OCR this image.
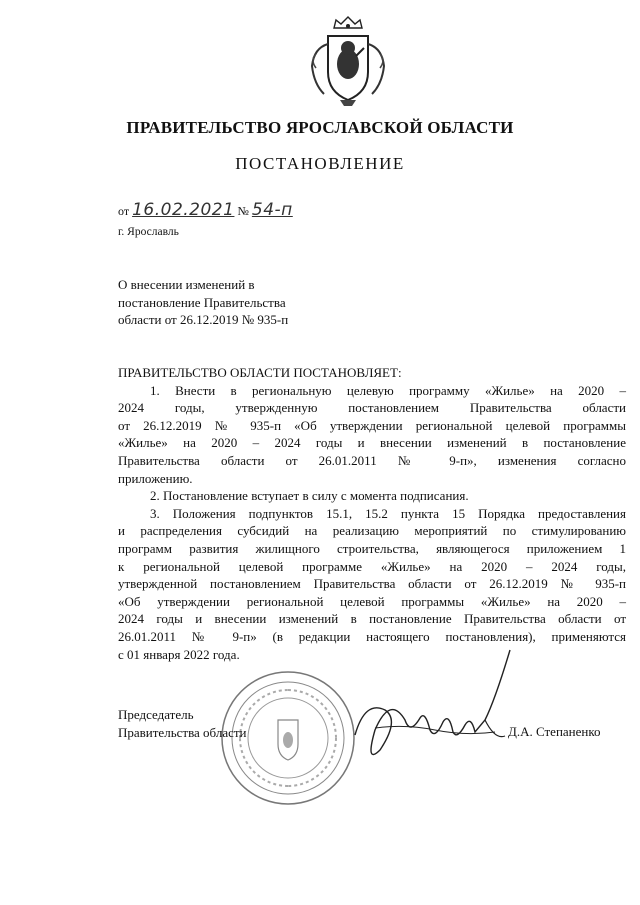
ПРАВИТЕЛЬСТВО ЯРОСЛАВСКОЙ ОБЛАСТИ
ПОСТАНОВЛЕНИЕ
от 16.02.2021 № 54-п
г. Ярославль
О внесении изменений в
постановление Правительства
области от 26.12.2019 № 935-п
ПРАВИТЕЛЬСТВО ОБЛАСТИ ПОСТАНОВЛЯЕТ:
1. Внести в региональную целевую программу «Жилье» на 2020 –
2024 годы, утвержденную постановлением Правительства области
от 26.12.2019 № 935-п «Об утверждении региональной целевой программы
«Жилье» на 2020 – 2024 годы и внесении изменений в постановление
Правительства области от 26.01.2011 № 9-п», изменения согласно
приложению.
2. Постановление вступает в силу с момента подписания.
3. Положения подпунктов 15.1, 15.2 пункта 15 Порядка предоставления
и распределения субсидий на реализацию мероприятий по стимулированию
программ развития жилищного строительства, являющегося приложением 1
к региональной целевой программе «Жилье» на 2020 – 2024 годы,
утвержденной постановлением Правительства области от 26.12.2019 № 935-п
«Об утверждении региональной целевой программы «Жилье» на 2020 –
2024 годы и внесении изменений в постановление Правительства области от
26.01.2011 № 9-п» (в редакции настоящего постановления), применяются
с 01 января 2022 года.
Председатель
Правительства области	Д.А. Степаненко
